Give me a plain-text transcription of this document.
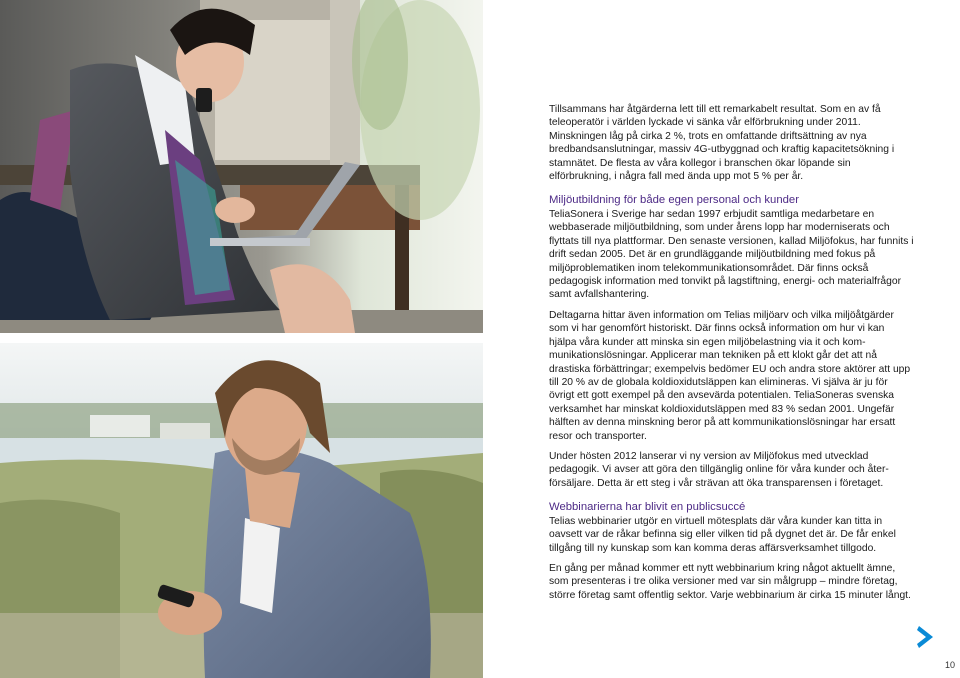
Tillsammans har åtgärderna lett till ett remarkabelt resultat. Som en av få teleoperatör i världen lyckade vi sänka vår elförbrukning under 2011. Minskningen låg på cirka 2 %, trots en omfattande driftsättning av nya bredbandsanslutningar, massiv 4G-utbyggnad och kraftig kapacitetsökning i stamnätet. De flesta av våra kollegor i branschen ökar löpande sin elförbrukning, i några fall med ända upp mot 5 % per år.

Miljöutbildning för både egen personal och kunder

TeliaSonera i Sverige har sedan 1997 erbjudit samtliga medarbetare en webbaserade miljöutbildning, som under årens lopp har moderniserats och flyttats till nya plattformar. Den senaste versionen, kallad Miljöfokus, har funnits i drift sedan 2005. Det är en grundläggande miljöutbildning med fokus på miljöproblematiken inom telekommunikationsområdet. Där finns också pedagogisk information med tonvikt på lagstiftning, energi- och materialfrågor samt avfallshantering.

Deltagarna hittar även information om Telias miljöarv och vilka miljöåtgärder som vi har genomfört historiskt. Där finns också information om hur vi kan hjälpa våra kunder att minska sin egen miljöbelastning via it och kommunikationslösningar. Applicerar man tekniken på ett klokt går det att nå drastiska förbättringar; exempelvis bedömer EU och andra store aktörer att upp till 20 % av de globala koldioxidutsläppen kan elimineras. Vi själva är ju för övrigt ett gott exempel på den avsevärda potentialen. TeliaSoneras svenska verksamhet har minskat koldioxidutsläppen med 83 % sedan 2001. Ungefär hälften av denna minskning beror på att kommunikationslösningar har ersatt resor och transporter.

Under hösten 2012 lanserar vi ny version av Miljöfokus med utvecklad pedagogik. Vi avser att göra den tillgänglig online för våra kunder och återförsäljare. Detta är ett steg i vår strävan att öka transparensen i företaget.

Webbinarierna har blivit en publicsuccé

Telias webbinarier utgör en virtuell mötesplats där våra kunder kan titta in oavsett var de råkar befinna sig eller vilken tid på dygnet det är. De får enkel tillgång till ny kunskap som kan komma deras affärsverksamhet tillgodo.

En gång per månad kommer ett nytt webbinarium kring något aktuellt ämne, som presenteras i tre olika versioner med var sin målgrupp – mindre företag, större företag samt offentlig sektor. Varje webbinarium är cirka 15 minuter långt.

10
